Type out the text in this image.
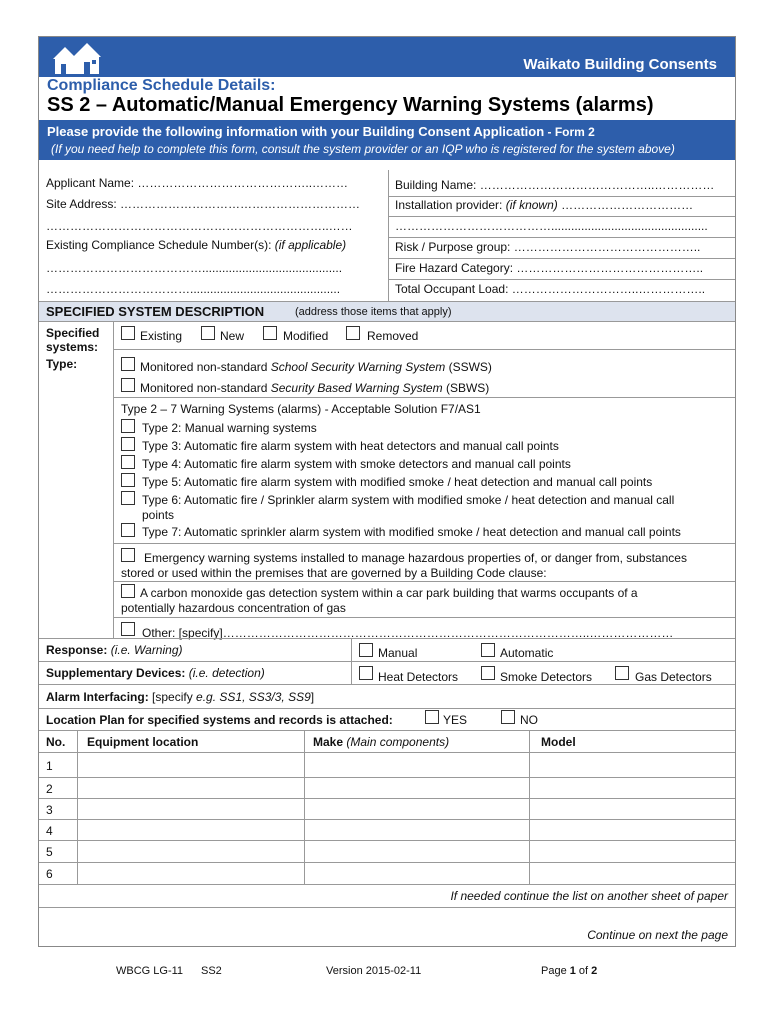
Waikato Building Consents
Compliance Schedule Details:
SS 2 – Automatic/Manual Emergency Warning Systems (alarms)
Please provide the following information with your Building Consent Application - Form 2
(If you need help to complete this form, consult the system provider or an IQP who is registered for the system above)
Applicant Name: ……………………………………..………
Site Address: ……………………………………………………
……………………………………………………………..……
Existing Compliance Schedule Number(s): (if applicable)
…………………………………..........................................
……………………………….............................................
Building Name: ……………………………………..……………
Installation provider: (if known) ……………………………
…………………………………...............................................
Risk / Purpose group: ………………………………………..
Fire Hazard Category: ………………………………………..
Total Occupant Load: …………………………..……………..
SPECIFIED SYSTEM DESCRIPTION	(address those items that apply)
Specified
systems:
Existing	New	Modified	Removed
Type:	Monitored non-standard School Security Warning System (SSWS)
Monitored non-standard Security Based Warning System (SBWS)
Type 2 – 7 Warning Systems (alarms) - Acceptable Solution F7/AS1
Type 2: Manual warning systems
Type 3: Automatic fire alarm system with heat detectors and manual call points
Type 4: Automatic fire alarm system with smoke detectors and manual call points
Type 5: Automatic fire alarm system with modified smoke / heat detection and manual call points
Type 6: Automatic fire / Sprinkler alarm system with modified smoke / heat detection and manual call
points
Type 7: Automatic sprinkler alarm system with modified smoke / heat detection and manual call points
Emergency warning systems installed to manage hazardous properties of, or danger from, substances
stored or used within the premises that are governed by a Building Code clause:
A carbon monoxide gas detection system within a car park building that warms occupants of a
potentially hazardous concentration of gas
Other: [specify]………………………………………………………………………………..…………………
Response: (i.e. Warning)	Manual	Automatic
Supplementary Devices: (i.e. detection)	Heat Detectors	Smoke Detectors	Gas Detectors
Alarm Interfacing: [specify e.g. SS1, SS3/3, SS9]
Location Plan for specified systems and records is attached:	YES	NO
No. Equipment location	Make (Main components)	Model
1
2
3
4
5
6
If needed continue the list on another sheet of paper
Continue on next the page
WBCG LG-11 SS2	Version 2015-02-11	Page 1 of 2
